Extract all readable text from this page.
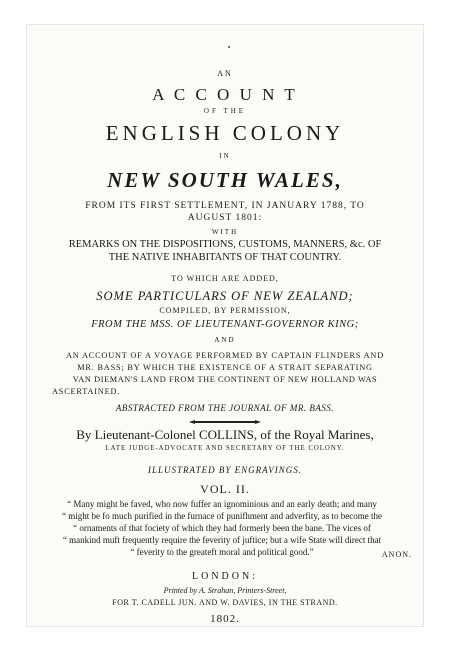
AN
A C C O U N T
OF THE
ENGLISH COLONY
IN
NEW SOUTH WALES,
FROM ITS FIRST SETTLEMENT, IN JANUARY 1788, TO
AUGUST 1801:
WITH
REMARKS ON THE DISPOSITIONS, CUSTOMS, MANNERS, &c. OF
THE NATIVE INHABITANTS OF THAT COUNTRY.
TO WHICH ARE ADDED,
SOME PARTICULARS OF NEW ZEALAND;
COMPILED, BY PERMISSION,
FROM THE MSS. OF LIEUTENANT-GOVERNOR KING;
AND
AN ACCOUNT OF A VOYAGE PERFORMED BY CAPTAIN FLINDERS AND
MR. BASS; BY WHICH THE EXISTENCE OF A STRAIT SEPARATING
VAN DIEMAN'S LAND FROM THE CONTINENT OF NEW HOLLAND WAS
ASCERTAINED.
ABSTRACTED FROM THE JOURNAL OF MR. BASS.
By Lieutenant-Colonel COLLINS, of the Royal Marines,
LATE JUDGE-ADVOCATE AND SECRETARY OF THE COLONY.
ILLUSTRATED BY ENGRAVINGS.
VOL. II.
“ Many might be faved, who now fuffer an ignominious and an early death; and many
“ might be fo much purified in the furnace of punifhment and adverfity, as to become the
“ ornaments of that fociety of which they had formerly been the bane. The vices of
“ mankind muft frequently require the feverity of juftice; but a wife State will direct that
“ feverity to the greateft moral and political good.”	ANON.
LONDON:
Printed by A. Strahan, Printers-Street,
FOR T. CADELL JUN. AND W. DAVIES, IN THE STRAND.
1802.
